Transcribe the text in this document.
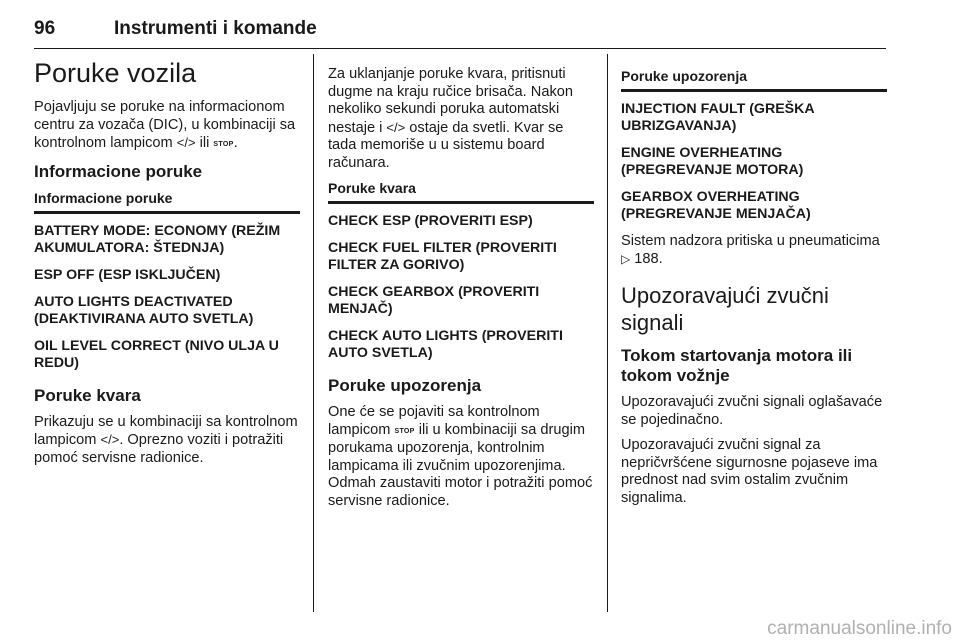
96	Instrumenti i komande
Poruke vozila

Pojavljuju se poruke na informacionom centru za vozača (DIC), u kombinaciji sa kontrolnom lampicom </> ili STOP.

Informacione poruke
Informacione poruke
BATTERY MODE: ECONOMY (REŽIM AKUMULATORA: ŠTEDNJA)
ESP OFF (ESP ISKLJUČEN)
AUTO LIGHTS DEACTIVATED (DEAKTIVIRANA AUTO SVETLA)
OIL LEVEL CORRECT (NIVO ULJA U REDU)
Poruke kvara

Prikazuju se u kombinaciji sa kontrolnom lampicom </>. Oprezno voziti i potražiti pomoć servisne radionice.

Za uklanjanje poruke kvara, pritisnuti dugme na kraju ručice brisača. Nakon nekoliko sekundi poruka automatski nestaje i </> ostaje da svetli. Kvar se tada memoriše u u sistemu board računara.

Poruke kvara
CHECK ESP (PROVERITI ESP)
CHECK FUEL FILTER (PROVERITI FILTER ZA GORIVO)
CHECK GEARBOX (PROVERITI MENJAČ)
CHECK AUTO LIGHTS (PROVERITI AUTO SVETLA)
Poruke upozorenja

One će se pojaviti sa kontrolnom lampicom STOP ili u kombinaciji sa drugim porukama upozorenja, kontrolnim lampicama ili zvučnim upozorenjima. Odmah zaustaviti motor i potražiti pomoć servisne radionice.

Poruke upozorenja
INJECTION FAULT (GREŠKA UBRIZGAVANJA)
ENGINE OVERHEATING (PREGREVANJE MOTORA)
GEARBOX OVERHEATING (PREGREVANJE MENJAČA)

Sistem nadzora pritiska u pneumaticima ▷ 188.

Upozoravajući zvučni signali
Tokom startovanja motora ili tokom vožnje

Upozoravajući zvučni signali oglašavaće se pojedinačno.

Upozoravajući zvučni signal za nepričvršćene sigurnosne pojaseve ima prednost nad svim ostalim zvučnim signalima.

carmanualsonline.info
